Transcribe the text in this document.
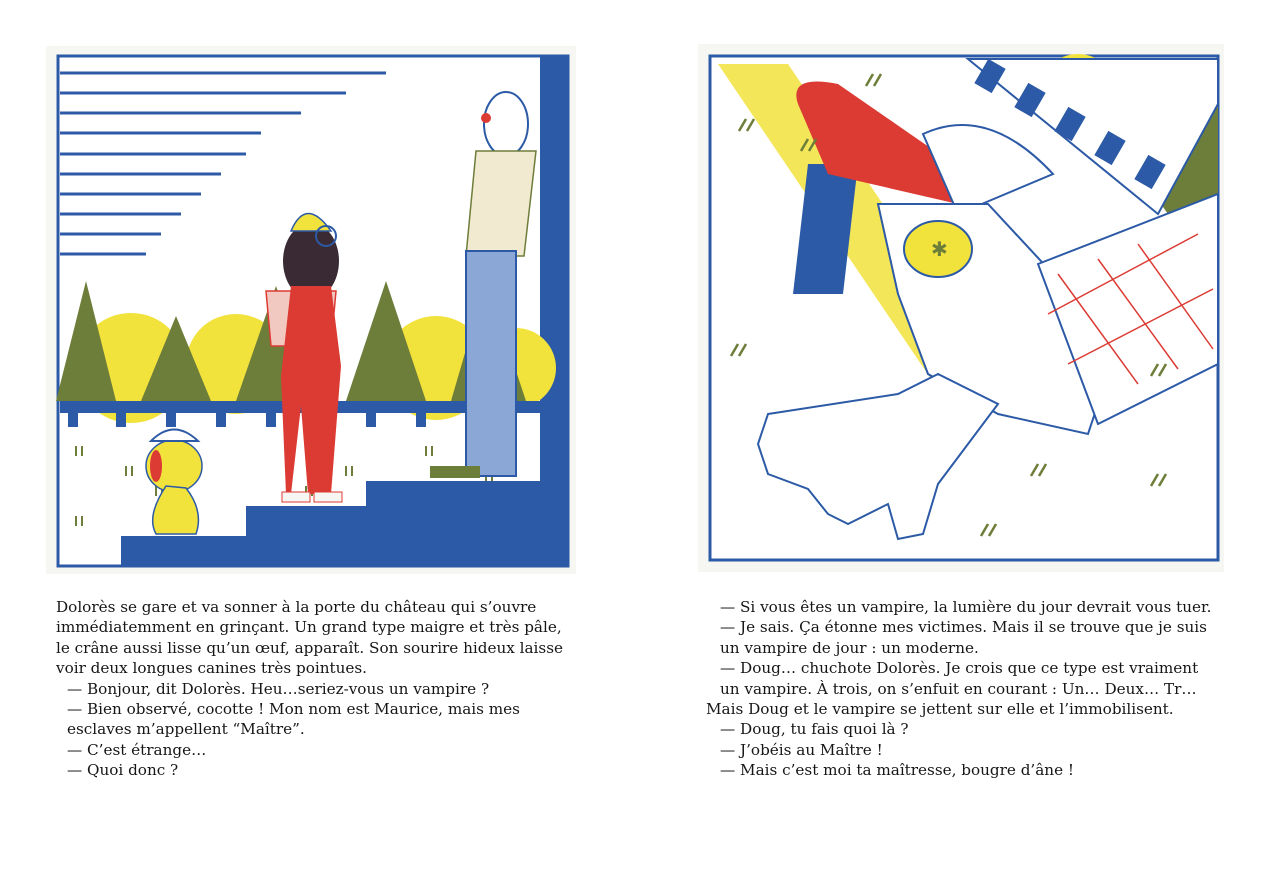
✱
Dolorès se gare et va sonner à la porte du château qui s’ouvre
immédiatemment en grinçant. Un grand type maigre et très pâle,
le crâne aussi lisse qu’un œuf, apparaît. Son sourire hideux laisse
voir deux longues canines très pointues.
— Bonjour, dit Dolorès. Heu…seriez-vous un vampire ?
— Bien observé, cocotte ! Mon nom est Maurice, mais mes
esclaves m’appellent “Maître”.
— C’est étrange…
— Quoi donc ?
— Si vous êtes un vampire, la lumière du jour devrait vous tuer.
— Je sais. Ça étonne mes victimes. Mais il se trouve que je suis
un vampire de jour : un moderne.
— Doug… chuchote Dolorès. Je crois que ce type est vraiment
un vampire. À trois, on s’enfuit en courant : Un… Deux… Tr…
Mais Doug et le vampire se jettent sur elle et l’immobilisent.
— Doug, tu fais quoi là ?
— J’obéis au Maître !
— Mais c’est moi ta maîtresse, bougre d’âne !
